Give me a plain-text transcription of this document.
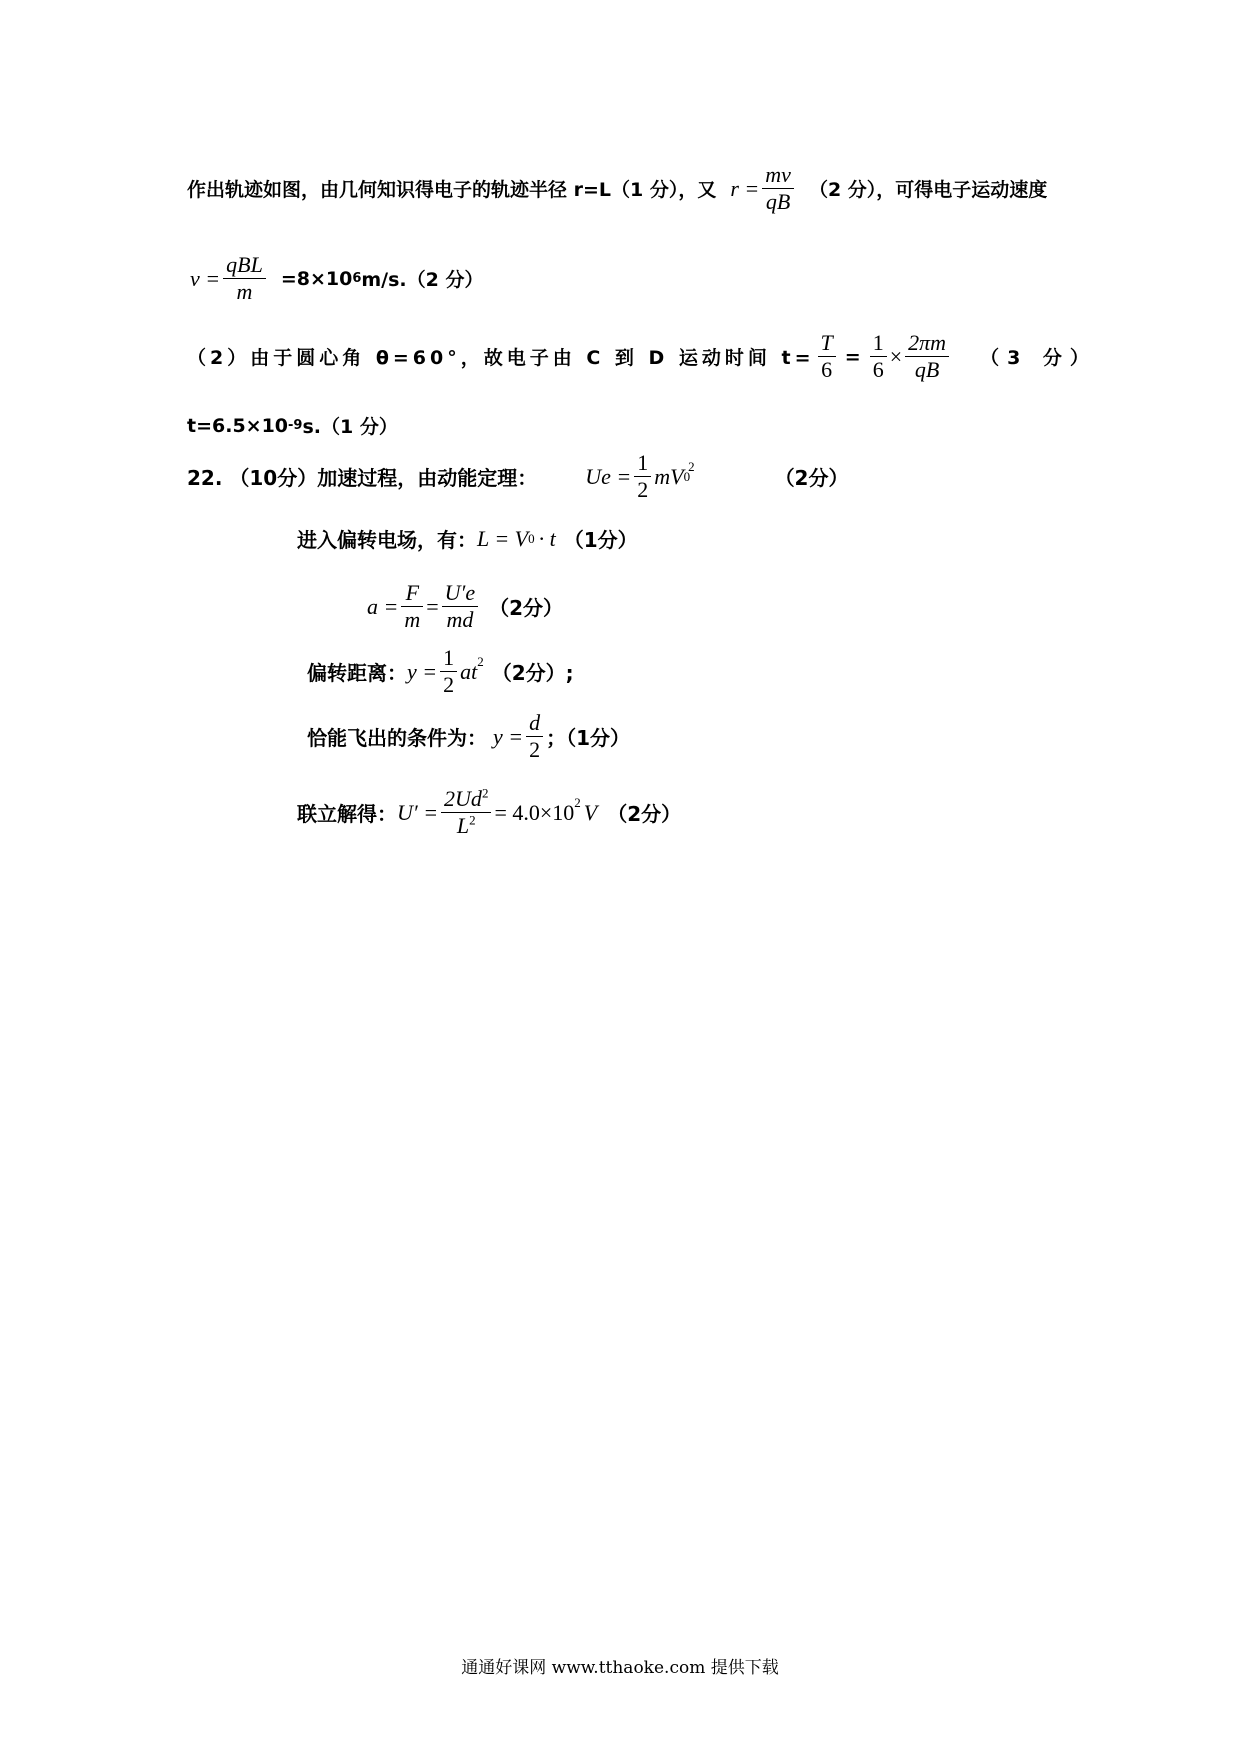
作出轨迹如图，由几何知识得电子的轨迹半径 r=L（1 分），又 $r = \frac{mv}{qB} (2$ 分），可得电子运动速度
$v = \frac{\text{qBL}}{m} =8\times 10$ 6 m/s.（2 分）
（2）由于圆心角 θ=60°，故电子由 C 到 D 运动时间 $t= \frac{T}{6} = \frac{1}{6} \times \frac{2\pi m}{qB} (3$ 分）
t=6.5×10 -9 s.（1 分）
22. （10分）加速过程，由动能定理： $Ue = \frac{1}{2}$ mV 0
$^2$	（2分）
进入偏转电场，有： L = V 0 · t （1分）
$a = \frac{F}{m} = \frac{U'e}{md} (2$分）
偏转距离： $y = \frac{1}{2} at^2$ （2分）;
恰能飞出的条件为： $y = \frac{d}{2}$ ；（1分）
联立解得： $U' = \frac{2Ud^2}{L^2} = 4.0\times 10^2$ V （2分）
通通好课网 www.tthaoke.com 提供下载
